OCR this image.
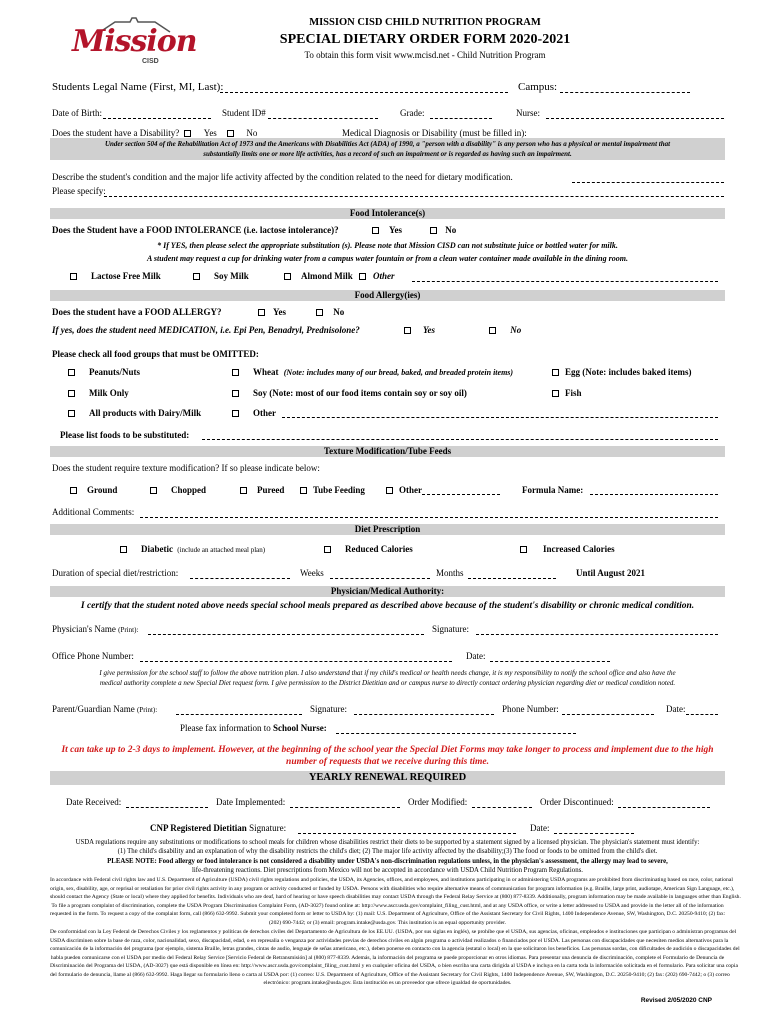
Mission
CISD
MISSION CISD CHILD NUTRITION PROGRAM
SPECIAL DIETARY ORDER FORM 2020-2021
To obtain this form visit www.mcisd.net - Child Nutrition Program
Students Legal Name (First, MI, Last):	Campus:
Date of Birth:	Student ID#	Grade:	Nurse:
Does the student have a Disability?	Yes	No	Medical Diagnosis or Disability (must be filled in):
Under section 504 of the Rehabilitation Act of 1973 and the Americans with Disabilities Act (ADA) of 1990, a "person with a disability" is any person who has a physical or mental impairment that
substantially limits one or more life activities, has a record of such an impairment or is regarded as having such an impairment.
Describe the student's condition and the major life activity affected by the condition related to the need for dietary modification.
Please specify:
Food Intolerance(s)
Does the Student have a FOOD INTOLERANCE (i.e. lactose intolerance)?	Yes	No
* If YES, then please select the appropriate substitution (s). Please note that Mission CISD can not substitute juice or bottled water for milk.
A student may request a cup for drinking water from a campus water fountain or from a clean water container made available in the dining room.
Lactose Free Milk	Soy Milk	Almond Milk Other
Food Allergy(ies)
Does the student have a FOOD ALLERGY?	Yes	No
If yes, does the student need MEDICATION, i.e. Epi Pen, Benadryl, Prednisolone?	Yes	No
Please check all food groups that must be OMITTED:
Peanuts/Nuts	Wheat (Note: includes many of our bread, baked, and breaded protein items)	Egg (Note: includes baked items)
Milk Only	Soy (Note: most of our food items contain soy or soy oil)	Fish
All products with Dairy/Milk	Other
Please list foods to be substituted:
Texture Modification/Tube Feeds
Does the student require texture modification? If so please indicate below:
Ground	Chopped	Pureed	Tube Feeding	Other	Formula Name:
Additional Comments:
Diet Prescription
Diabetic (include an attached meal plan)	Reduced Calories	Increased Calories
Duration of special diet/restriction:	Weeks	Months	Until August 2021
Physician/Medical Authority:
I certify that the student noted above needs special school meals prepared as described above because of the student's disability or chronic medical condition.
Physician's Name (Print):	Signature:
Office Phone Number:	Date:
I give permission for the school staff to follow the above nutrition plan. I also understand that if my child's medical or health needs change, it is my responsibility to notify the school office and also have the
medical authority complete a new Special Diet request form. I give permission to the District Dietitian and or campus nurse to directly contact ordering physician regarding diet or medical condition noted.
Parent/Guardian Name (Print):	Signature:	Phone Number:	Date:
Please fax information to School Nurse:
It can take up to 2-3 days to implement. However, at the beginning of the school year the Special Diet Forms may take longer to process and implement due to the high
number of requests that we receive during this time.
YEARLY RENEWAL REQUIRED
Date Received:	Date Implemented:	Order Modified:	Order Discontinued:
CNP Registered Dietitian Signature:	Date:
USDA regulations require any substitutions or modifications to school meals for children whose disabilities restrict their diets to be supported by a statement signed by a licensed physician. The physician's statement must identify:
(1) The child's disability and an explanation of why the disability restricts the child's diet; (2) The major life activity affected by the disability;(3) The food or foods to be omitted from the child's diet.
PLEASE NOTE: Food allergy or food intolerance is not considered a disability under USDA's non-discrimination regulations unless, in the physician's assessment, the allergy may lead to severe,
life-threatening reactions. Diet prescriptions from Mexico will not be accepted in accordance with USDA Child Nutrition Program Regulations.
In accordance with Federal civil rights law and U.S. Department of Agriculture (USDA) civil rights regulations and policies, the USDA, its Agencies, offices, and employees, and institutions participating in or administering USDA programs are prohibited from discriminating based on race, color, national
origin, sex, disability, age, or reprisal or retaliation for prior civil rights activity in any program or activity conducted or funded by USDA. Persons with disabilities who require alternative means of communication for program information (e.g. Braille, large print, audiotape, American Sign Language, etc.),
should contact the Agency (State or local) where they applied for benefits. Individuals who are deaf, hard of hearing or have speech disabilities may contact USDA through the Federal Relay Service at (800) 877-8339. Additionally, program information may be made available in languages other than English.
To file a program complaint of discrimination, complete the USDA Program Discrimination Complaint Form, (AD-3027) found online at: http://www.ascr.usda.gov/complaint_filing_cust.html, and at any USDA office, or write a letter addressed to USDA and provide in the letter all of the information
requested in the form. To request a copy of the complaint form, call (866) 632-9992. Submit your completed form or letter to USDA by: (1) mail: U.S. Department of Agriculture, Office of the Assistant Secretary for Civil Rights, 1400 Independence Avenue, SW, Washington, D.C. 20250-9410; (2) fax:
(202) 690-7442; or (3) email: program.intake@usda.gov. This institution is an equal opportunity provider.
De conformidad con la Ley Federal de Derechos Civiles y los reglamentos y políticas de derechos civiles del Departamento de Agricultura de los EE.UU. (USDA, por sus siglas en inglés), se prohíbe que el USDA, sus agencias, oficinas, empleados e instituciones que participan o administran programas del
USDA discriminen sobre la base de raza, color, nacionalidad, sexo, discapacidad, edad, o en represalia o venganza por actividades previas de derechos civiles en algún programa o actividad realizados o financiados por el USDA. Las personas con discapacidades que necesiten medios alternativos para la
comunicación de la información del programa (por ejemplo, sistema Braille, letras grandes, cintas de audio, lenguaje de señas americano, etc.), deben ponerse en contacto con la agencia (estatal o local) en la que solicitaron los beneficios. Las personas sordas, con dificultades de audición o discapacidades del
habla pueden comunicarse con el USDA por medio del Federal Relay Service [Servicio Federal de Retransmisión] al (800) 877-8339. Además, la información del programa se puede proporcionar en otros idiomas. Para presentar una denuncia de discriminación, complete el Formulario de Denuncia de
Discriminación del Programa del USDA, (AD-3027) que está disponible en línea en: http://www.ascr.usda.gov/complaint_filing_cust.html y en cualquier oficina del USDA, o bien escriba una carta dirigida al USDA e incluya en la carta toda la información solicitada en el formulario. Para solicitar una copia
del formulario de denuncia, llame al (866) 632-9992. Haga llegar su formulario lleno o carta al USDA por: (1) correo: U.S. Department of Agriculture, Office of the Assistant Secretary for Civil Rights, 1400 Independence Avenue, SW, Washington, D.C. 20250-9410; (2) fax: (202) 690-7442; o (3) correo
electrónico: program.intake@usda.gov. Esta institución es un proveedor que ofrece igualdad de oportunidades.
Revised 2/05/2020 CNP
